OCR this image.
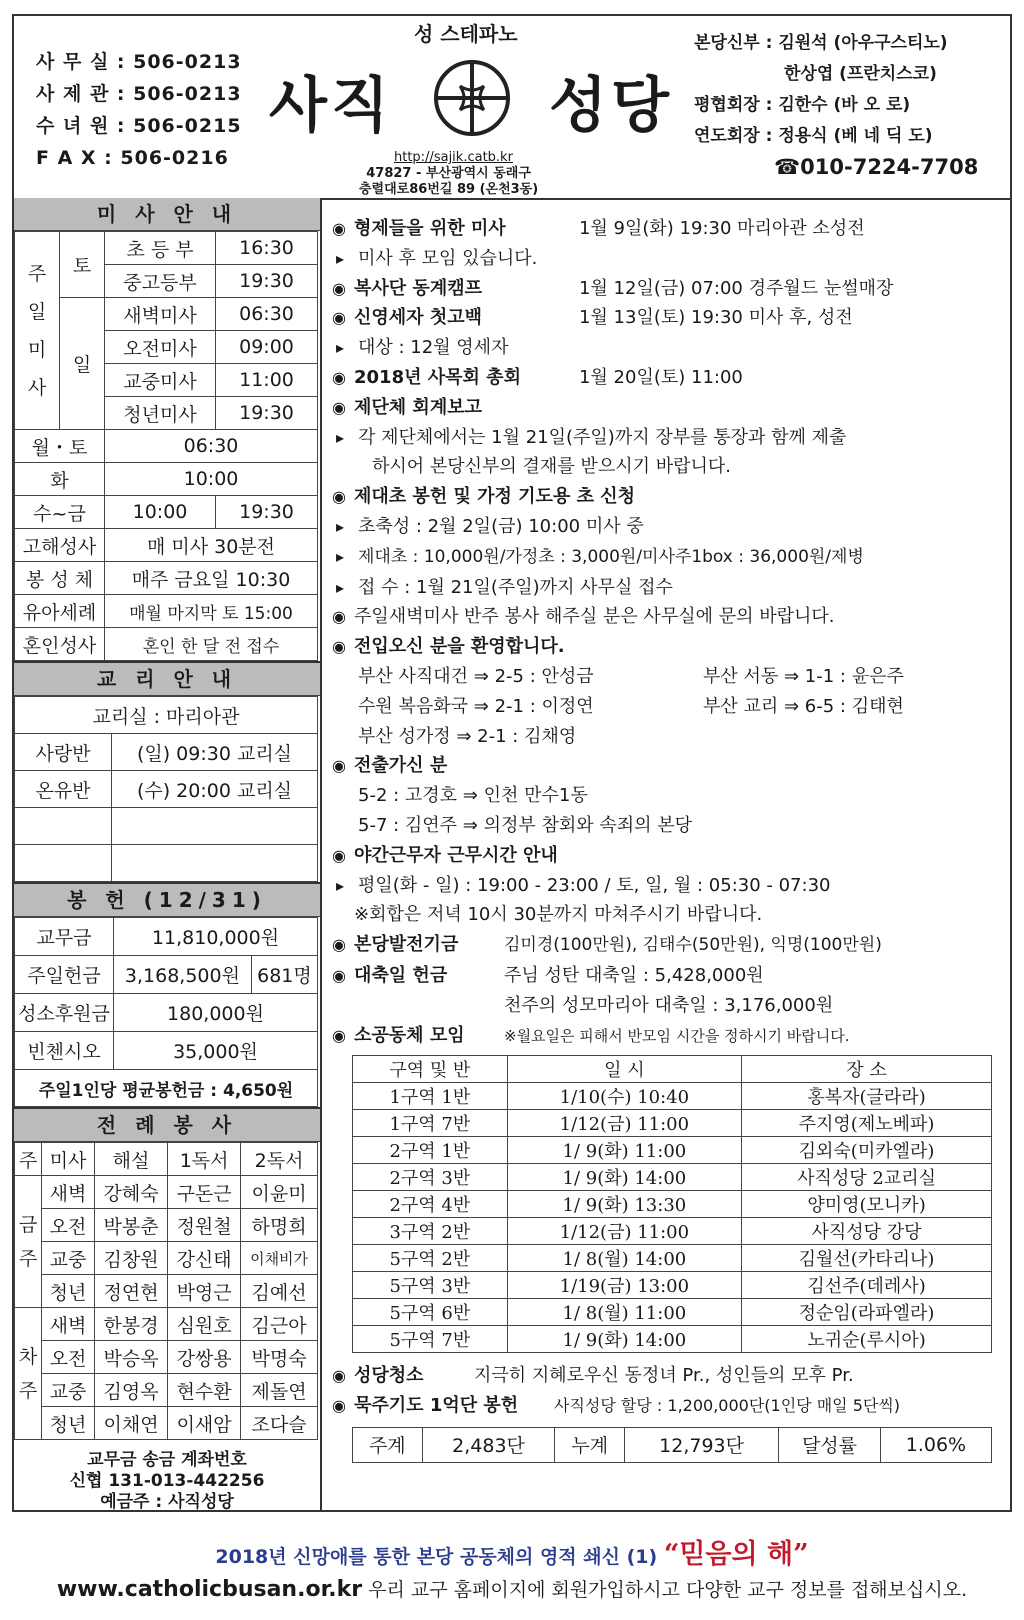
사 무 실 : 506-0213
사 제 관 : 506-0213
수 녀 원 : 506-0215
F A X : 506-0216
성 스테파노
사직	성당
http://sajik.catb.kr
47827 - 부산광역시 동래구
충렬대로86번길 89 (온천3동)
본당신부 : 김원석 (아우구스티노)
한상엽 (프란치스코)
평협회장 : 김한수 (바 오 로)
연도회장 : 정용식 (베 네 딕 도)
☎010-7224-7708
미 사 안 내
주일미사	토	초 등 부	16:30
		중고등부	19:30
	일	새벽미사	06:30
		오전미사	09:00
		교중미사	11:00
		청년미사	19:30
월・토		06:30	
화		10:00	
수~금		10:00	19:30
고해성사		매 미사 30분전	
봉 성 체		매주 금요일 10:30	
유아세례		매월 마지막 토 15:00	
혼인성사		혼인 한 달 전 접수	
교 리 안 내
교리실 : 마리아관	
사랑반	(일) 09:30 교리실
온유반	(수) 20:00 교리실

봉 헌 (12/31)
교무금	11,810,000원	
주일헌금	3,168,500원	681명
성소후원금	180,000원	
빈첸시오	35,000원	
주일1인당 평균봉헌금 : 4,650원		
전 례 봉 사
주	미사	해설	1독서	2독서
금주	새벽	강혜숙	구돈근	이윤미
	오전	박봉춘	정원철	하명희
	교중	김창원	강신태	이채비가
	청년	정연현	박영근	김예선
차주	새벽	한봉경	심원호	김근아
	오전	박승옥	강쌍용	박명숙
	교중	김영옥	현수환	제돌연
	청년	이채연	이새암	조다슬
교무금 송금 계좌번호
신협 131-013-442256
예금주 : 사직성당
◉ 형제들을 위한 미사	1월 9일(화) 19:30 마리아관 소성전
▸ 미사 후 모임 있습니다.
◉ 복사단 동계캠프	1월 12일(금) 07:00 경주월드 눈썰매장
◉ 신영세자 첫고백	1월 13일(토) 19:30 미사 후, 성전
▸ 대상 : 12월 영세자
◉ 2018년 사목회 총회	1월 20일(토) 11:00
◉ 제단체 회계보고
▸ 각 제단체에서는 1월 21일(주일)까지 장부를 통장과 함께 제출
하시어 본당신부의 결재를 받으시기 바랍니다.
◉ 제대초 봉헌 및 가정 기도용 초 신청
▸ 초축성 : 2월 2일(금) 10:00 미사 중
▸ 제대초 : 10,000원/가정초 : 3,000원/미사주1box : 36,000원/제병
▸ 접 수 : 1월 21일(주일)까지 사무실 접수
◉ 주일새벽미사 반주 봉사 해주실 분은 사무실에 문의 바랍니다.
◉ 전입오신 분을 환영합니다.
부산 사직대건 ⇒ 2-5 : 안성금	부산 서동 ⇒ 1-1 : 윤은주
수원 복음화국 ⇒ 2-1 : 이정연	부산 교리 ⇒ 6-5 : 김태현
부산 성가정 ⇒ 2-1 : 김채영
◉ 전출가신 분
5-2 : 고경호 ⇒ 인천 만수1동
5-7 : 김연주 ⇒ 의정부 참회와 속죄의 본당
◉ 야간근무자 근무시간 안내
▸ 평일(화 - 일) : 19:00 - 23:00 / 토, 일, 월 : 05:30 - 07:30
※회합은 저녁 10시 30분까지 마쳐주시기 바랍니다.
◉ 본당발전기금	김미경(100만원), 김태수(50만원), 익명(100만원)
◉ 대축일 헌금	주님 성탄 대축일 : 5,428,000원
천주의 성모마리아 대축일 : 3,176,000원
◉ 소공동체 모임	※월요일은 피해서 반모임 시간을 정하시기 바랍니다.
구역 및 반	일 시	장 소
1구역 1반	1/10(수) 10:40	홍복자(글라라)
1구역 7반	1/12(금) 11:00	주지영(제노베파)
2구역 1반	1/ 9(화) 11:00	김외숙(미카엘라)
2구역 3반	1/ 9(화) 14:00	사직성당 2교리실
2구역 4반	1/ 9(화) 13:30	양미영(모니카)
3구역 2반	1/12(금) 11:00	사직성당 강당
5구역 2반	1/ 8(월) 14:00	김월선(카타리나)
5구역 3반	1/19(금) 13:00	김선주(데레사)
5구역 6반	1/ 8(월) 11:00	정순임(라파엘라)
5구역 7반	1/ 9(화) 14:00	노귀순(루시아)
◉ 성당청소	지극히 지혜로우신 동정녀 Pr., 성인들의 모후 Pr.
◉ 묵주기도 1억단 봉헌 사직성당 할당 : 1,200,000단(1인당 매일 5단씩)
주계	2,483단	누계	12,793단	달성률	1.06%
2018년 신망애를 통한 본당 공동체의 영적 쇄신 (1) “믿음의 해”
www.catholicbusan.or.kr 우리 교구 홈페이지에 회원가입하시고 다양한 교구 정보를 접해보십시오.
